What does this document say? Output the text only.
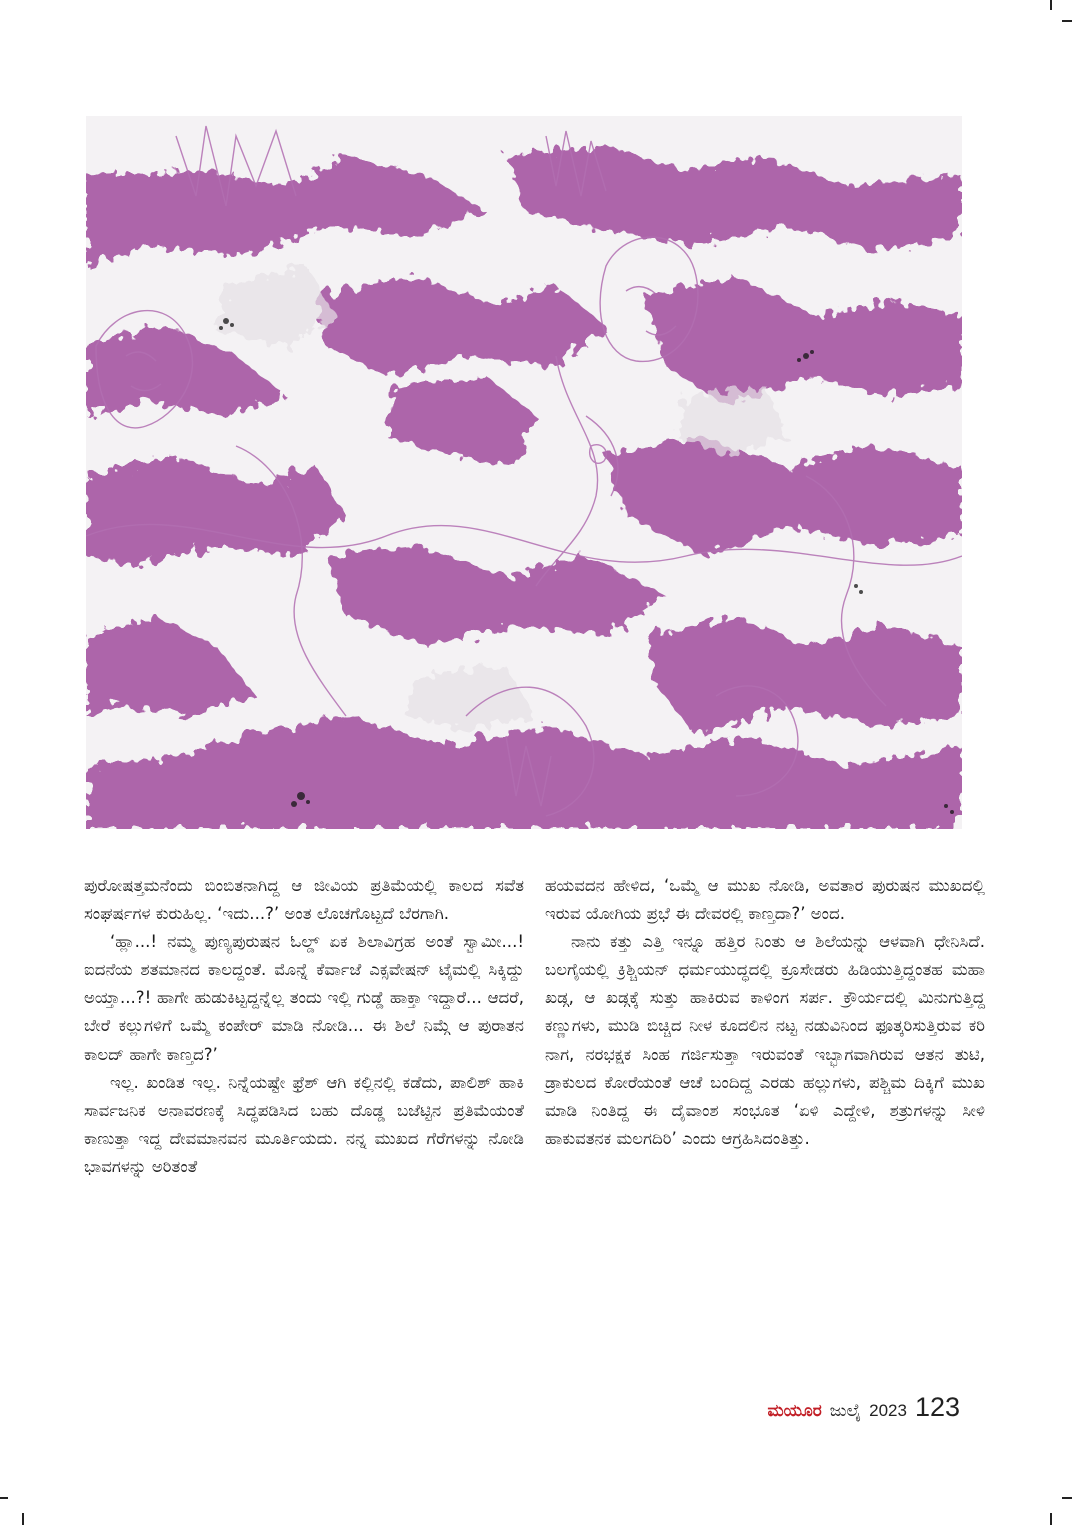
ಪುರೋಷತ್ತಮನೆಂದು ಬಿಂಬಿತನಾಗಿದ್ದ ಆ ಜೀವಿಯ ಪ್ರತಿಮೆಯಲ್ಲಿ ಕಾಲದ ಸವೆತ ಸಂಘರ್ಷಗಳ ಕುರುಹಿಲ್ಲ. ‘ಇದು...?’ ಅಂತ ಲೊಚಗೊಟ್ಟದೆ ಬೆರಗಾಗಿ.

‘ಹ್ಲಾ...! ನಮ್ಮ ಪುಣ್ಯಪುರುಷನ ಓಲ್ಡ್ ಏಕ ಶಿಲಾವಿಗ್ರಹ ಅಂತೆ ಸ್ವಾಮೀ...! ಐದನೆಯ ಶತಮಾನದ ಕಾಲದ್ದಂತೆ. ಮೊನ್ನೆ ಕೆರ್ವಾಜೆ ಎಕ್ಸವೇಷನ್ ಟೈಮಲ್ಲಿ ಸಿಕ್ಕಿದ್ದು ಅಯ್ತಾ...?! ಹಾಗೇ ಹುಡುಕಿಟ್ಟದ್ದನ್ನೆಲ್ಲ ತಂದು ಇಲ್ಲಿ ಗುಡ್ಡೆ ಹಾಕ್ತಾ ಇದ್ದಾರೆ... ಆದರೆ, ಬೇರೆ ಕಲ್ಲುಗಳಿಗೆ ಒಮ್ಮೆ ಕಂಪೇರ್ ಮಾಡಿ ನೋಡಿ... ಈ ಶಿಲೆ ನಿಮ್ಗೆ ಆ ಪುರಾತನ ಕಾಲದ್ ಹಾಗೇ ಕಾಣ್ತದ?’

ಇಲ್ಲ. ಖಂಡಿತ ಇಲ್ಲ. ನಿನ್ನೆಯಷ್ಟೇ ಫ್ರೆಶ್ ಆಗಿ ಕಲ್ಲಿನಲ್ಲಿ ಕಡೆದು, ಪಾಲಿಶ್ ಹಾಕಿ ಸಾರ್ವಜನಿಕ ಅನಾವರಣಕ್ಕೆ ಸಿದ್ಧಪಡಿಸಿದ ಬಹು ದೊಡ್ಡ ಬಜೆಟ್ಟಿನ ಪ್ರತಿಮೆಯಂತೆ ಕಾಣುತ್ತಾ ಇದ್ದ ದೇವಮಾನವನ ಮೂರ್ತಿಯದು. ನನ್ನ ಮುಖದ ಗೆರೆಗಳನ್ನು ನೋಡಿ ಭಾವಗಳನ್ನು ಅರಿತಂತೆ

ಹಯವದನ ಹೇಳಿದ, ‘ಒಮ್ಮೆ ಆ ಮುಖ ನೋಡಿ, ಅವತಾರ ಪುರುಷನ ಮುಖದಲ್ಲಿ ಇರುವ ಯೋಗಿಯ ಪ್ರಭೆ ಈ ದೇವರಲ್ಲಿ ಕಾಣ್ತದಾ?’ ಅಂದ.

ನಾನು ಕತ್ತು ಎತ್ತಿ ಇನ್ನೂ ಹತ್ತಿರ ನಿಂತು ಆ ಶಿಲೆಯನ್ನು ಆಳವಾಗಿ ಧೇನಿಸಿದೆ. ಬಲಗೈಯಲ್ಲಿ ಕ್ರಿಶ್ಚಿಯನ್ ಧರ್ಮಯುದ್ಧದಲ್ಲಿ ಕ್ರೂಸೇಡರು ಹಿಡಿಯುತ್ತಿದ್ದಂತಹ ಮಹಾ ಖಡ್ಗ, ಆ ಖಡ್ಗಕ್ಕೆ ಸುತ್ತು ಹಾಕಿರುವ ಕಾಳಿಂಗ ಸರ್ಪ. ಕ್ರೌರ್ಯದಲ್ಲಿ ಮಿನುಗುತ್ತಿದ್ದ ಕಣ್ಣುಗಳು, ಮುಡಿ ಬಿಚ್ಚಿದ ನೀಳ ಕೂದಲಿನ ನಟ್ಟ ನಡುವಿನಿಂದ ಫೂತ್ಕರಿಸುತ್ತಿರುವ ಕರಿ ನಾಗ, ನರಭಕ್ಷಕ ಸಿಂಹ ಗರ್ಜಿಸುತ್ತಾ ಇರುವಂತೆ ಇಬ್ಭಾಗವಾಗಿರುವ ಆತನ ತುಟಿ, ಡ್ರಾಕುಲದ ಕೋರೆಯಂತೆ ಆಚೆ ಬಂದಿದ್ದ ಎರಡು ಹಲ್ಲುಗಳು, ಪಶ್ಚಿಮ ದಿಕ್ಕಿಗೆ ಮುಖ ಮಾಡಿ ನಿಂತಿದ್ದ ಈ ದೈವಾಂಶ ಸಂಭೂತ ‘ಏಳಿ ಎದ್ದೇಳಿ, ಶತ್ರುಗಳನ್ನು ಸೀಳಿ ಹಾಕುವತನಕ ಮಲಗದಿರಿ’ ಎಂದು ಆಗ್ರಹಿಸಿದಂತಿತ್ತು.

ಮಯೂರ ಜುಲೈ 2023 123
